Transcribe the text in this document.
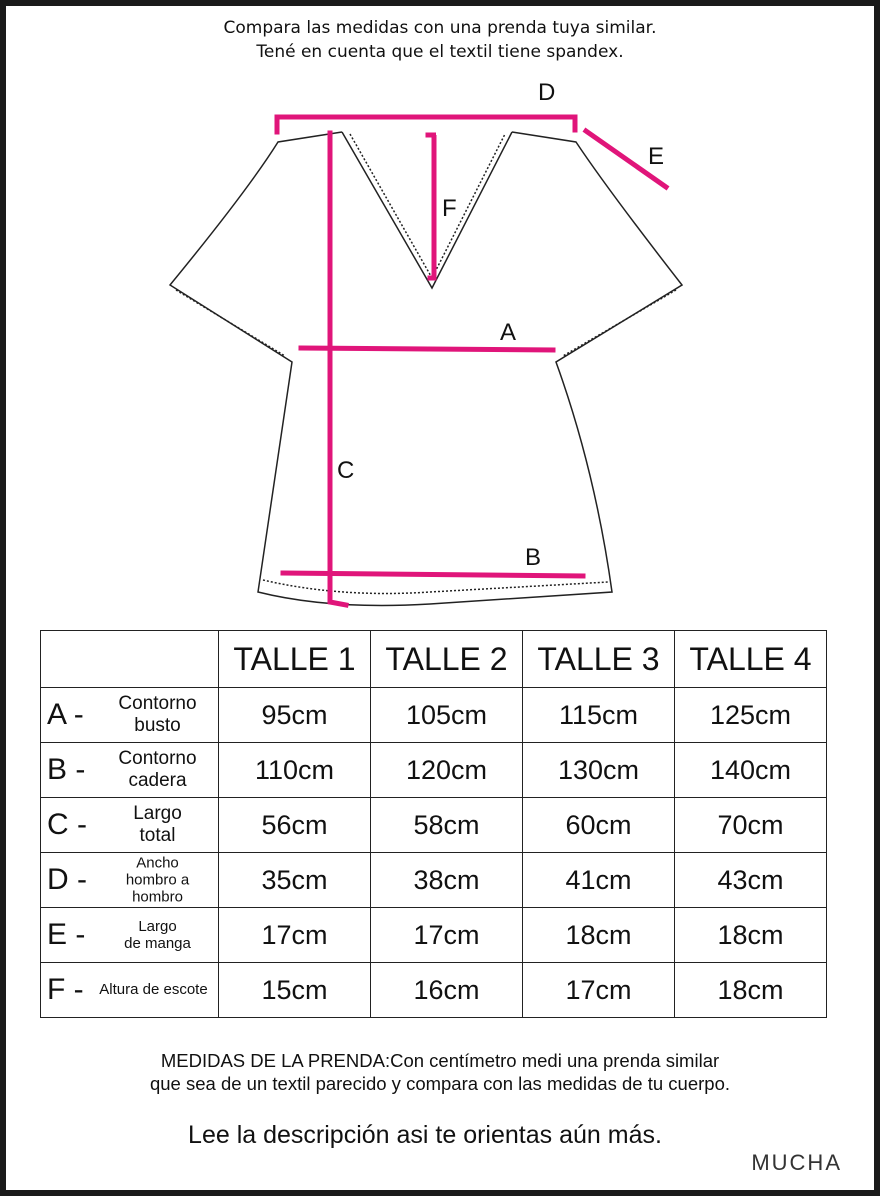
Compara las medidas con una prenda tuya similar.
Tené en cuenta que el textil tiene spandex.
D
E
F
A
C
B
	TALLE 1	TALLE 2	TALLE 3	TALLE 4

A - Contorno
busto	95cm	105cm	115cm	125cm

B - Contorno
cadera	110cm	120cm	130cm	140cm

C - Largo
total	56cm	58cm	60cm	70cm

D - Ancho
hombro a
hombro	35cm	38cm	41cm	43cm

E - Largo
de manga	17cm	17cm	18cm	18cm

F - Altura de escote	15cm	16cm	17cm	18cm
MEDIDAS DE LA PRENDA:Con centímetro medi una prenda similar
que sea de un textil parecido y compara con las medidas de tu cuerpo.
Lee la descripción asi te orientas aún más.
MUCHA
